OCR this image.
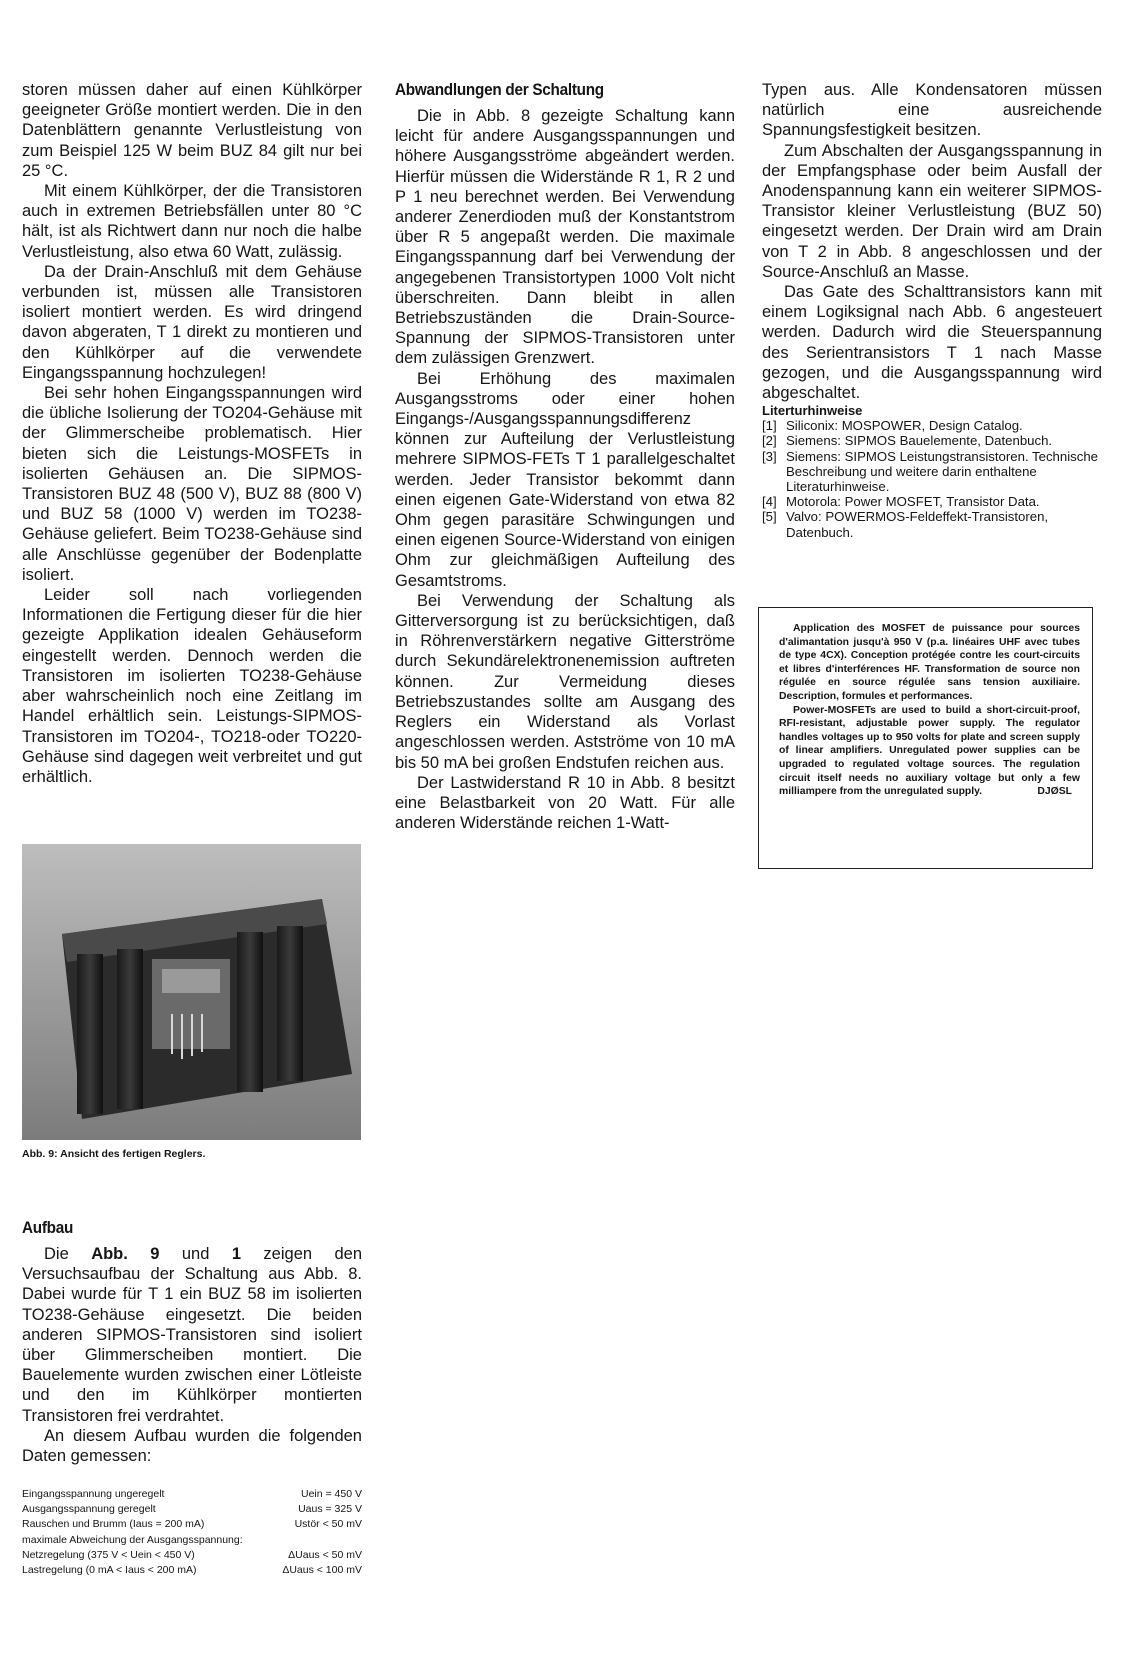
storen müssen daher auf einen Kühlkörper geeigneter Größe montiert werden. Die in den Datenblättern genannte Verlustleistung von zum Beispiel 125 W beim BUZ 84 gilt nur bei 25 °C.

Mit einem Kühlkörper, der die Transistoren auch in extremen Betriebsfällen unter 80 °C hält, ist als Richtwert dann nur noch die halbe Verlustleistung, also etwa 60 Watt, zulässig.

Da der Drain-Anschluß mit dem Gehäuse verbunden ist, müssen alle Transistoren isoliert montiert werden. Es wird dringend davon abgeraten, T 1 direkt zu montieren und den Kühlkörper auf die verwendete Eingangsspannung hochzulegen!

Bei sehr hohen Eingangsspannungen wird die übliche Isolierung der TO204-Gehäuse mit der Glimmerscheibe problematisch. Hier bieten sich die Leistungs-MOSFETs in isolierten Gehäusen an. Die SIPMOS-Transistoren BUZ 48 (500 V), BUZ 88 (800 V) und BUZ 58 (1000 V) werden im TO238-Gehäuse geliefert. Beim TO238-Gehäuse sind alle Anschlüsse gegenüber der Bodenplatte isoliert.

Leider soll nach vorliegenden Informationen die Fertigung dieser für die hier gezeigte Applikation idealen Gehäuseform eingestellt werden. Dennoch werden die Transistoren im isolierten TO238-Gehäuse aber wahrscheinlich noch eine Zeitlang im Handel erhältlich sein. Leistungs-SIPMOS-Transistoren im TO204-, TO218-oder TO220-Gehäuse sind dagegen weit verbreitet und gut erhältlich.

Abb. 9: Ansicht des fertigen Reglers.
Aufbau

Die Abb. 9 und 1 zeigen den Versuchsaufbau der Schaltung aus Abb. 8. Dabei wurde für T 1 ein BUZ 58 im isolierten TO238-Gehäuse eingesetzt. Die beiden anderen SIPMOS-Transistoren sind isoliert über Glimmerscheiben montiert. Die Bauelemente wurden zwischen einer Lötleiste und den im Kühlkörper montierten Transistoren frei verdrahtet.

An diesem Aufbau wurden die folgenden Daten gemessen:

Eingangsspannung ungeregelt	Uein = 450 V
Ausgangsspannung geregelt	Uaus = 325 V
Rauschen und Brumm (Iaus = 200 mA)	Ustör < 50 mV
maximale Abweichung der Ausgangsspannung:
Netzregelung (375 V < Uein < 450 V)	ΔUaus < 50 mV
Lastregelung (0 mA < Iaus < 200 mA)	ΔUaus < 100 mV
Abwandlungen der Schaltung

Die in Abb. 8 gezeigte Schaltung kann leicht für andere Ausgangsspannungen und höhere Ausgangsströme abgeändert werden. Hierfür müssen die Widerstände R 1, R 2 und P 1 neu berechnet werden. Bei Verwendung anderer Zenerdioden muß der Konstantstrom über R 5 angepaßt werden. Die maximale Eingangsspannung darf bei Verwendung der angegebenen Transistortypen 1000 Volt nicht überschreiten. Dann bleibt in allen Betriebszuständen die Drain-Source-Spannung der SIPMOS-Transistoren unter dem zulässigen Grenzwert.

Bei Erhöhung des maximalen Ausgangsstroms oder einer hohen Eingangs-/Ausgangsspannungsdifferenz können zur Aufteilung der Verlustleistung mehrere SIPMOS-FETs T 1 parallelgeschaltet werden. Jeder Transistor bekommt dann einen eigenen Gate-Widerstand von etwa 82 Ohm gegen parasitäre Schwingungen und einen eigenen Source-Widerstand von einigen Ohm zur gleichmäßigen Aufteilung des Gesamtstroms.

Bei Verwendung der Schaltung als Gitterversorgung ist zu berücksichtigen, daß in Röhrenverstärkern negative Gitterströme durch Sekundärelektronenemission auftreten können. Zur Vermeidung dieses Betriebszustandes sollte am Ausgang des Reglers ein Widerstand als Vorlast angeschlossen werden. Astströme von 10 mA bis 50 mA bei großen Endstufen reichen aus.

Der Lastwiderstand R 10 in Abb. 8 besitzt eine Belastbarkeit von 20 Watt. Für alle anderen Widerstände reichen 1-Watt-

Typen aus. Alle Kondensatoren müssen natürlich eine ausreichende Spannungsfestigkeit besitzen.

Zum Abschalten der Ausgangsspannung in der Empfangsphase oder beim Ausfall der Anodenspannung kann ein weiterer SIPMOS-Transistor kleiner Verlustleistung (BUZ 50) eingesetzt werden. Der Drain wird am Drain von T 2 in Abb. 8 angeschlossen und der Source-Anschluß an Masse.

Das Gate des Schalttransistors kann mit einem Logiksignal nach Abb. 6 angesteuert werden. Dadurch wird die Steuerspannung des Serientransistors T 1 nach Masse gezogen, und die Ausgangsspannung wird abgeschaltet.

Literturhinweise

[1] Siliconix: MOSPOWER, Design Catalog.
[2] Siemens: SIPMOS Bauelemente, Datenbuch.
[3] Siemens: SIPMOS Leistungstransistoren. Technische Beschreibung und weitere darin enthaltene Literaturhinweise.
[4] Motorola: Power MOSFET, Transistor Data.
[5] Valvo: POWERMOS-Feldeffekt-Transistoren, Datenbuch.

Application des MOSFET de puissance pour sources d'alimantation jusqu'à 950 V (p.a. linéaires UHF avec tubes de type 4CX). Conception protégée contre les court-circuits et libres d'interférences HF. Transformation de source non régulée en source régulée sans tension auxiliaire. Description, formules et performances.

Power-MOSFETs are used to build a short-circuit-proof, RFI-resistant, adjustable power supply. The regulator handles voltages up to 950 volts for plate and screen supply of linear amplifiers. Unregulated power supplies can be upgraded to regulated voltage sources. The regulation circuit itself needs no auxiliary voltage but only a few milliampere from the unregulated supply.	DJØSL
